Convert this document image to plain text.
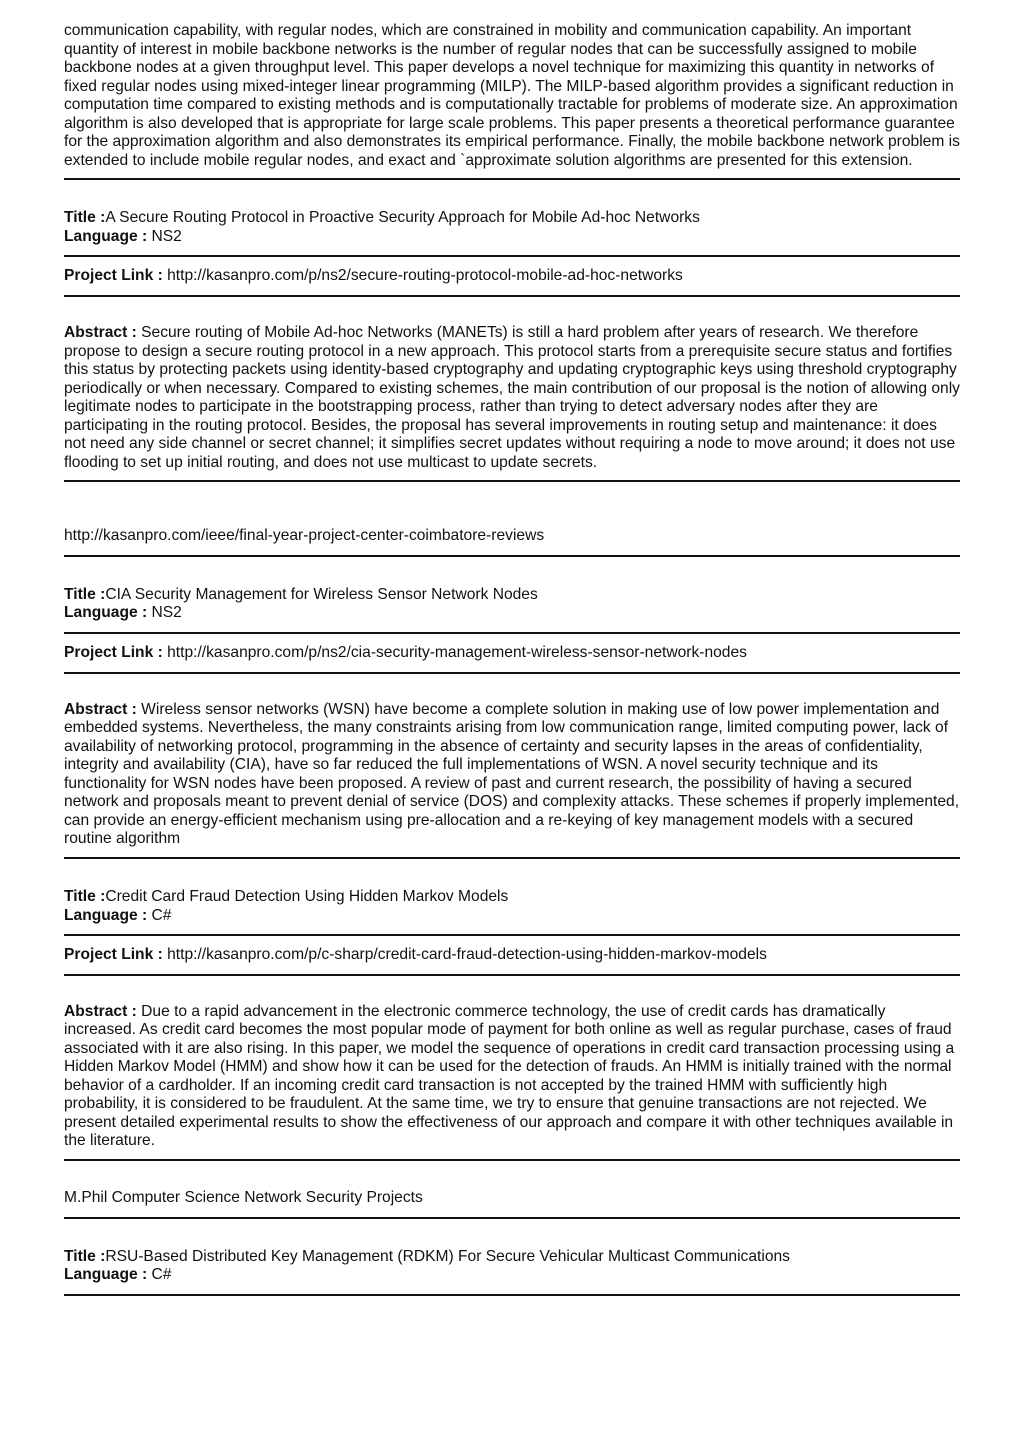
communication capability, with regular nodes, which are constrained in mobility and communication capability. An important quantity of interest in mobile backbone networks is the number of regular nodes that can be successfully assigned to mobile backbone nodes at a given throughput level. This paper develops a novel technique for maximizing this quantity in networks of fixed regular nodes using mixed-integer linear programming (MILP). The MILP-based algorithm provides a significant reduction in computation time compared to existing methods and is computationally tractable for problems of moderate size. An approximation algorithm is also developed that is appropriate for large scale problems. This paper presents a theoretical performance guarantee for the approximation algorithm and also demonstrates its empirical performance. Finally, the mobile backbone network problem is extended to include mobile regular nodes, and exact and `approximate solution algorithms are presented for this extension.

Title :A Secure Routing Protocol in Proactive Security Approach for Mobile Ad-hoc Networks

Language : NS2

Project Link : http://kasanpro.com/p/ns2/secure-routing-protocol-mobile-ad-hoc-networks

Abstract : Secure routing of Mobile Ad-hoc Networks (MANETs) is still a hard problem after years of research. We therefore propose to design a secure routing protocol in a new approach. This protocol starts from a prerequisite secure status and fortifies this status by protecting packets using identity-based cryptography and updating cryptographic keys using threshold cryptography periodically or when necessary. Compared to existing schemes, the main contribution of our proposal is the notion of allowing only legitimate nodes to participate in the bootstrapping process, rather than trying to detect adversary nodes after they are participating in the routing protocol. Besides, the proposal has several improvements in routing setup and maintenance: it does not need any side channel or secret channel; it simplifies secret updates without requiring a node to move around; it does not use flooding to set up initial routing, and does not use multicast to update secrets.

http://kasanpro.com/ieee/final-year-project-center-coimbatore-reviews

Title :CIA Security Management for Wireless Sensor Network Nodes

Language : NS2

Project Link : http://kasanpro.com/p/ns2/cia-security-management-wireless-sensor-network-nodes

Abstract : Wireless sensor networks (WSN) have become a complete solution in making use of low power implementation and embedded systems. Nevertheless, the many constraints arising from low communication range, limited computing power, lack of availability of networking protocol, programming in the absence of certainty and security lapses in the areas of confidentiality, integrity and availability (CIA), have so far reduced the full implementations of WSN. A novel security technique and its functionality for WSN nodes have been proposed. A review of past and current research, the possibility of having a secured network and proposals meant to prevent denial of service (DOS) and complexity attacks. These schemes if properly implemented, can provide an energy-efficient mechanism using pre-allocation and a re-keying of key management models with a secured routine algorithm

Title :Credit Card Fraud Detection Using Hidden Markov Models

Language : C#

Project Link : http://kasanpro.com/p/c-sharp/credit-card-fraud-detection-using-hidden-markov-models

Abstract : Due to a rapid advancement in the electronic commerce technology, the use of credit cards has dramatically increased. As credit card becomes the most popular mode of payment for both online as well as regular purchase, cases of fraud associated with it are also rising. In this paper, we model the sequence of operations in credit card transaction processing using a Hidden Markov Model (HMM) and show how it can be used for the detection of frauds. An HMM is initially trained with the normal behavior of a cardholder. If an incoming credit card transaction is not accepted by the trained HMM with sufficiently high probability, it is considered to be fraudulent. At the same time, we try to ensure that genuine transactions are not rejected. We present detailed experimental results to show the effectiveness of our approach and compare it with other techniques available in the literature.

M.Phil Computer Science Network Security Projects

Title :RSU-Based Distributed Key Management (RDKM) For Secure Vehicular Multicast Communications

Language : C#
